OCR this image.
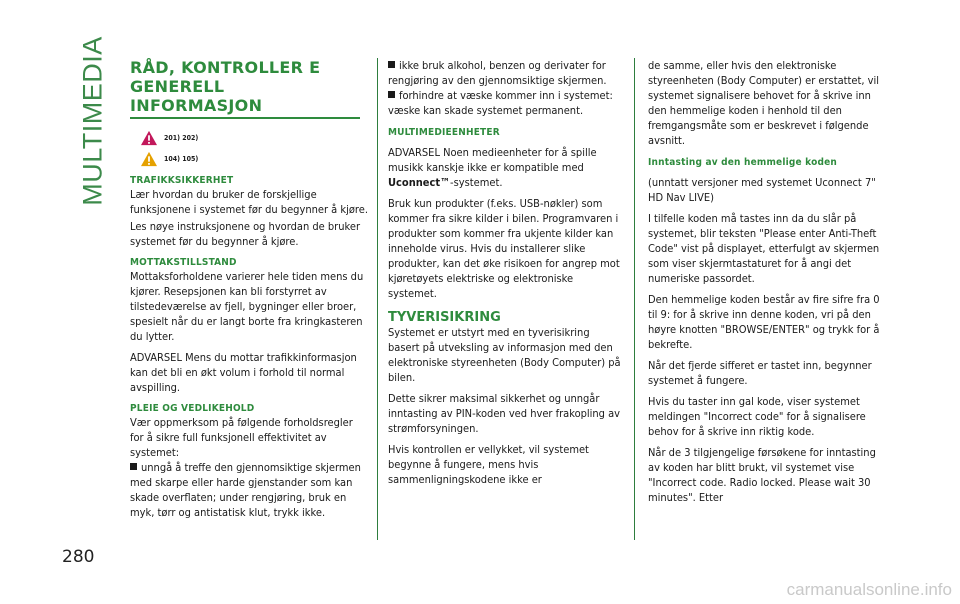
MULTIMEDIA
280
RÅD, KONTROLLER E
GENERELL INFORMASJON
201) 202)
104) 105)
TRAFIKKSIKKERHET

Lær hvordan du bruker de forskjellige funksjonene i systemet før du begynner å kjøre.

Les nøye instruksjonene og hvordan de bruker systemet før du begynner å kjøre.

MOTTAKSTILLSTAND

Mottaksforholdene varierer hele tiden mens du kjører. Resepsjonen kan bli forstyrret av tilstedeværelse av fjell, bygninger eller broer, spesielt når du er langt borte fra kringkasteren du lytter.

ADVARSEL Mens du mottar trafikkinformasjon kan det bli en økt volum i forhold til normal avspilling.

PLEIE OG VEDLIKEHOLD

Vær oppmerksom på følgende forholdsregler for å sikre full funksjonell effektivitet av systemet:

unngå å treffe den gjennomsiktige skjermen med skarpe eller harde gjenstander som kan skade overflaten; under rengjøring, bruk en myk, tørr og antistatisk klut, trykk ikke.

ikke bruk alkohol, benzen og derivater for rengjøring av den gjennomsiktige skjermen.

forhindre at væske kommer inn i systemet: væske kan skade systemet permanent.

MULTIMEDIEENHETER

ADVARSEL Noen medieenheter for å spille musikk kanskje ikke er kompatible med Uconnect™-systemet.

Bruk kun produkter (f.eks. USB-nøkler) som kommer fra sikre kilder i bilen. Programvaren i produkter som kommer fra ukjente kilder kan inneholde virus. Hvis du installerer slike produkter, kan det øke risikoen for angrep mot kjøretøyets elektriske og elektroniske systemet.

TYVERISIKRING

Systemet er utstyrt med en tyverisikring basert på utveksling av informasjon med den elektroniske styreenheten (Body Computer) på bilen.

Dette sikrer maksimal sikkerhet og unngår inntasting av PIN-koden ved hver frakopling av strømforsyningen.

Hvis kontrollen er vellykket, vil systemet begynne å fungere, mens hvis sammenligningskodene ikke er

de samme, eller hvis den elektroniske styreenheten (Body Computer) er erstattet, vil systemet signalisere behovet for å skrive inn den hemmelige koden i henhold til den fremgangsmåte som er beskrevet i følgende avsnitt.

Inntasting av den hemmelige koden

(unntatt versjoner med systemet Uconnect 7" HD Nav LIVE)

I tilfelle koden må tastes inn da du slår på systemet, blir teksten "Please enter Anti-Theft Code" vist på displayet, etterfulgt av skjermen som viser skjermtastaturet for å angi det numeriske passordet.

Den hemmelige koden består av fire sifre fra 0 til 9: for å skrive inn denne koden, vri på den høyre knotten "BROWSE/ENTER" og trykk for å bekrefte.

Når det fjerde sifferet er tastet inn, begynner systemet å fungere.

Hvis du taster inn gal kode, viser systemet meldingen "Incorrect code" for å signalisere behov for å skrive inn riktig kode.

Når de 3 tilgjengelige førsøkene for inntasting av koden har blitt brukt, vil systemet vise "Incorrect code. Radio locked. Please wait 30 minutes". Etter

carmanualsonline.info
